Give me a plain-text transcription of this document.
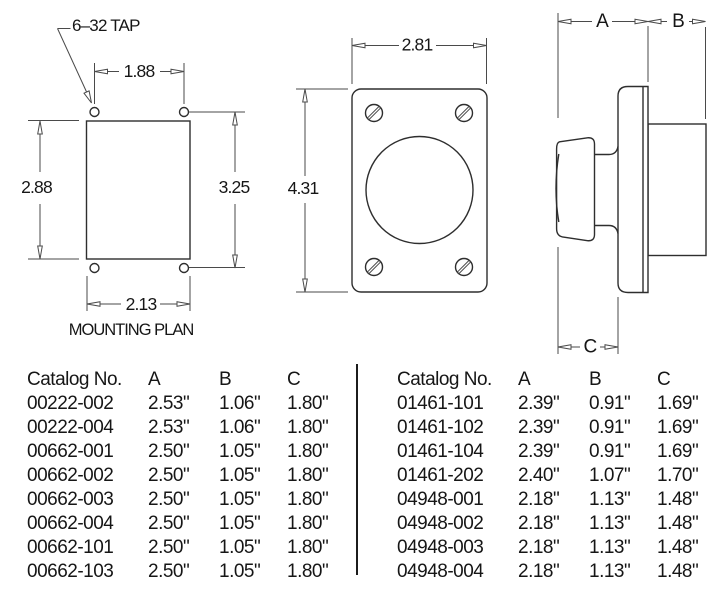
6–32 TAP
1.88
2.88	3.25
2.13
MOUNTING PLAN
2.81
4.31
A	B
C
Catalog No.	A	B	C
00222-002	2.53"	1.06"	1.80"
00222-004	2.53"	1.06"	1.80"
00662-001	2.50"	1.05"	1.80"
00662-002	2.50"	1.05"	1.80"
00662-003	2.50"	1.05"	1.80"
00662-004	2.50"	1.05"	1.80"
00662-101	2.50"	1.05"	1.80"
00662-103	2.50"	1.05"	1.80"
Catalog No.	A	B	C
01461-101	2.39"	0.91"	1.69"
01461-102	2.39"	0.91"	1.69"
01461-104	2.39"	0.91"	1.69"
01461-202	2.40"	1.07"	1.70"
04948-001	2.18"	1.13"	1.48"
04948-002	2.18"	1.13"	1.48"
04948-003	2.18"	1.13"	1.48"
04948-004	2.18"	1.13"	1.48"
